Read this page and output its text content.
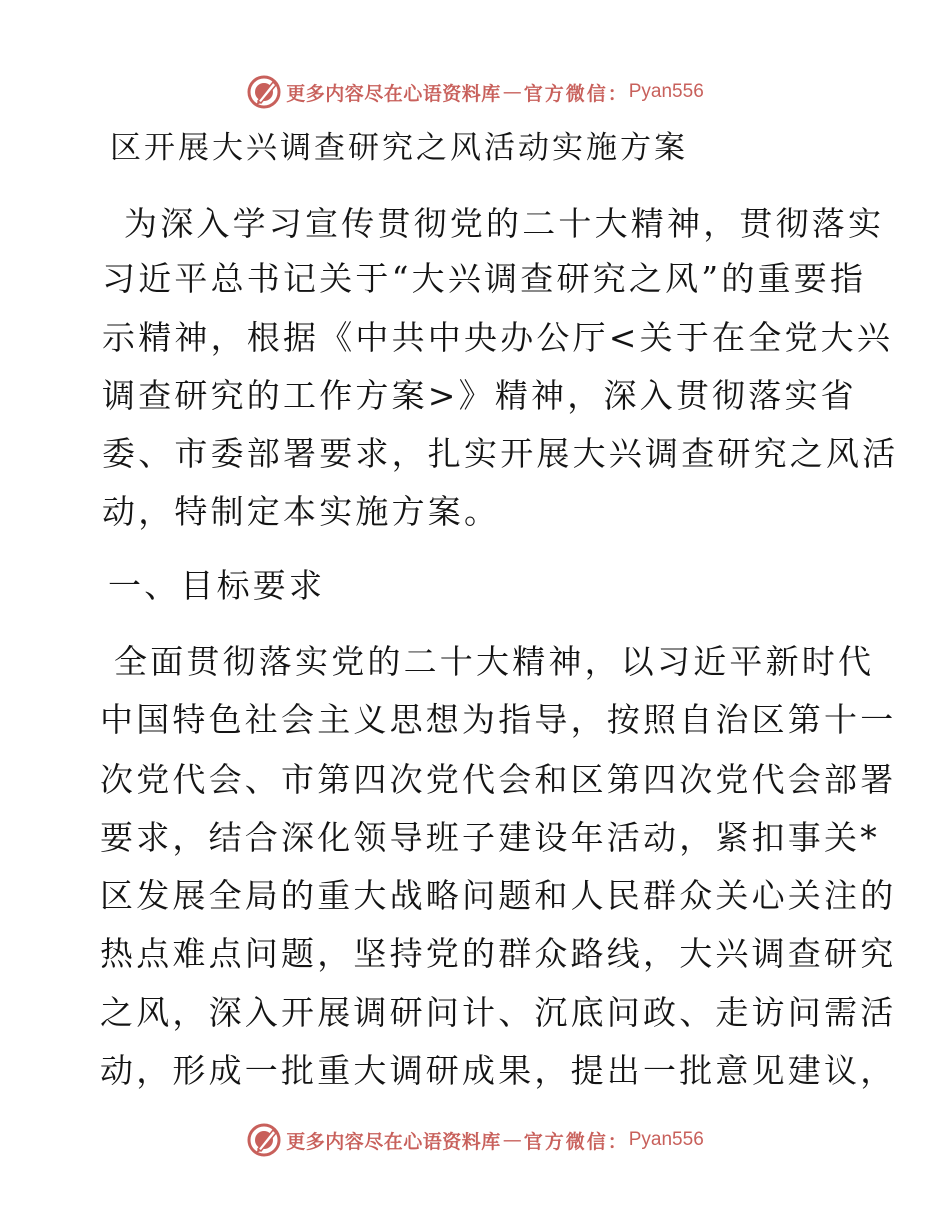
更多内容尽在心语资料库 — 官方微信： Pyan556

区开展大兴调查研究之风活动实施方案

为深入学习宣传贯彻党的二十大精神，贯彻落实

习近平总书记关于“大兴调查研究之风”的重要指

示精神，根据《中共中央办公厅<关于在全党大兴

调查研究的工作方案>》精神，深入贯彻落实省

委、市委部署要求，扎实开展大兴调查研究之风活

动，特制定本实施方案。

一、目标要求

全面贯彻落实党的二十大精神，以习近平新时代

中国特色社会主义思想为指导，按照自治区第十一

次党代会、市第四次党代会和区第四次党代会部署

要求，结合深化领导班子建设年活动，紧扣事关*

区发展全局的重大战略问题和人民群众关心关注的

热点难点问题，坚持党的群众路线，大兴调查研究

之风，深入开展调研问计、沉底问政、走访问需活

动，形成一批重大调研成果，提出一批意见建议，

更多内容尽在心语资料库 — 官方微信： Pyan556
